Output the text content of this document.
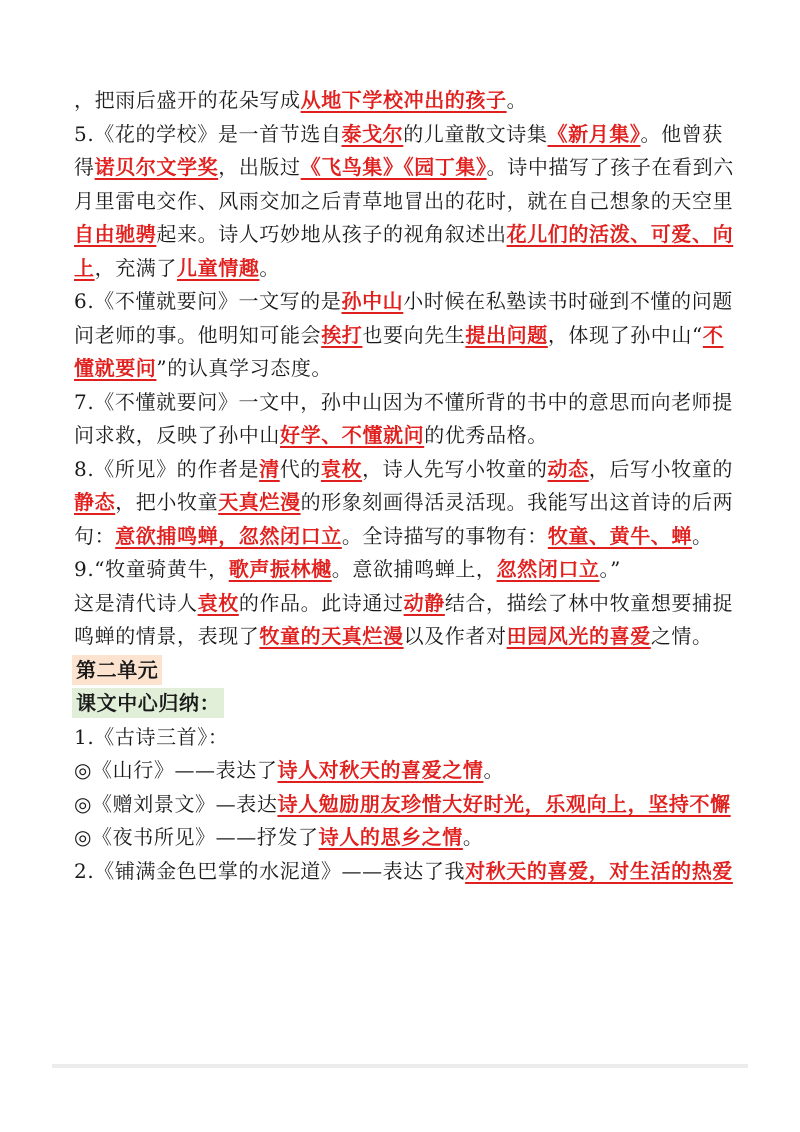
，把雨后盛开的花朵写成从地下学校冲出的孩子。

5.《花的学校》是一首节选自泰戈尔的儿童散文诗集《新月集》。他曾获得诺贝尔文学奖，出版过《飞鸟集》《园丁集》。诗中描写了孩子在看到六月里雷电交作、风雨交加之后青草地冒出的花时，就在自己想象的天空里自由驰骋起来。诗人巧妙地从孩子的视角叙述出花儿们的活泼、可爱、向上，充满了儿童情趣。

6.《不懂就要问》一文写的是孙中山小时候在私塾读书时碰到不懂的问题问老师的事。他明知可能会挨打也要向先生提出问题，体现了孙中山“不懂就要问”的认真学习态度。

7.《不懂就要问》一文中，孙中山因为不懂所背的书中的意思而向老师提问求救，反映了孙中山好学、不懂就问的优秀品格。

8.《所见》的作者是清代的袁枚，诗人先写小牧童的动态，后写小牧童的静态，把小牧童天真烂漫的形象刻画得活灵活现。我能写出这首诗的后两句：意欲捕鸣蝉，忽然闭口立。全诗描写的事物有：牧童、黄牛、蝉。

9.“牧童骑黄牛，歌声振林樾。意欲捕鸣蝉上，忽然闭口立。”

这是清代诗人袁枚的作品。此诗通过动静结合，描绘了林中牧童想要捕捉鸣蝉的情景，表现了牧童的天真烂漫以及作者对田园风光的喜爱之情。

第二单元

课文中心归纳：

1.《古诗三首》：

◎《山行》——表达了诗人对秋天的喜爱之情。

◎《赠刘景文》—表达诗人勉励朋友珍惜大好时光，乐观向上，坚持不懈

◎《夜书所见》——抒发了诗人的思乡之情。

2.《铺满金色巴掌的水泥道》——表达了我对秋天的喜爱，对生活的热爱
